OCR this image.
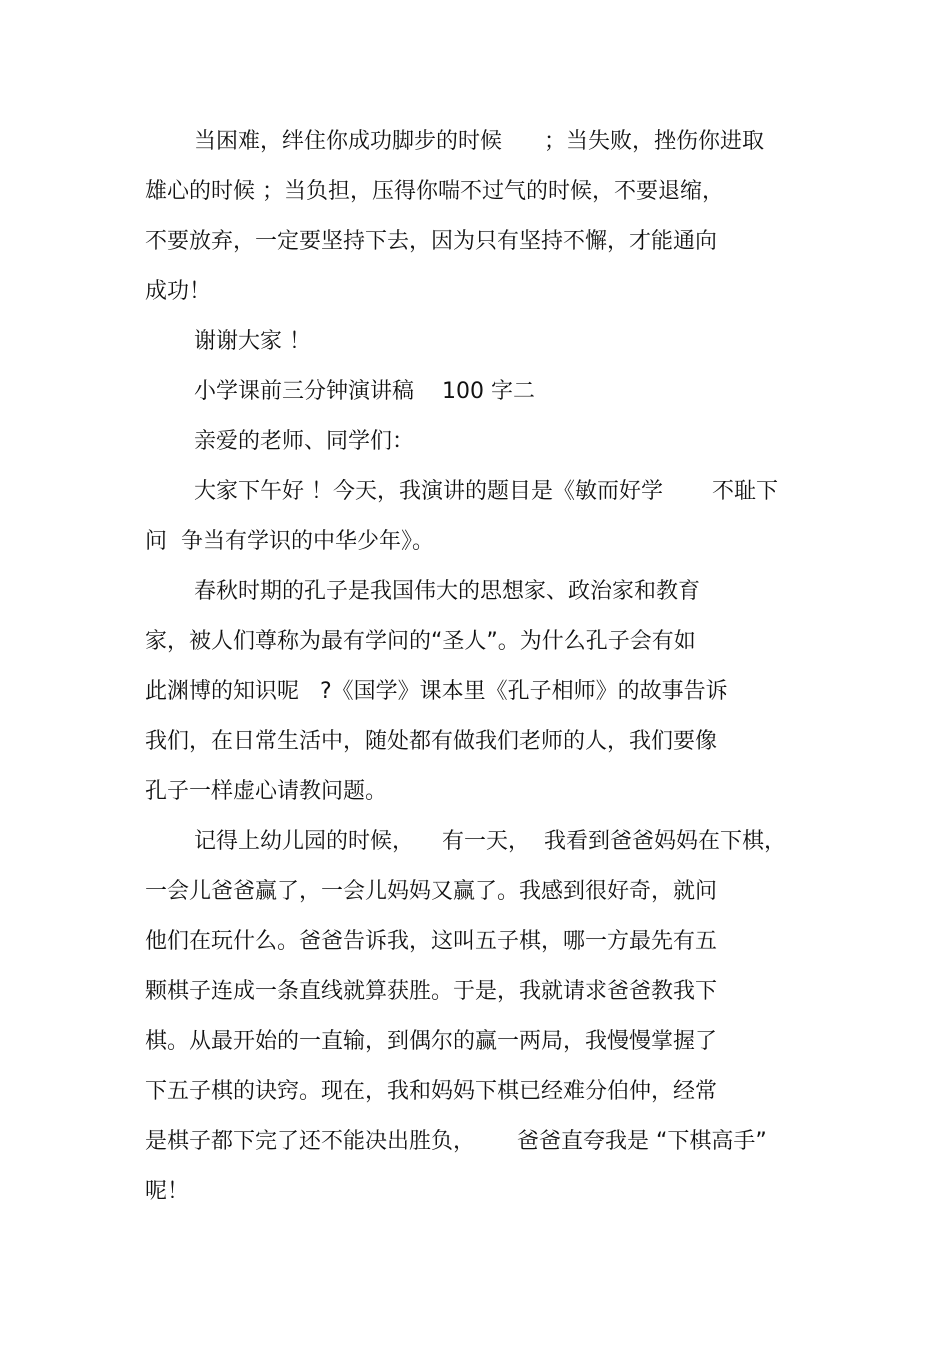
当困难，绊住你成功脚步的时候      ；当失败，挫伤你进取
雄心的时候 ；当负担，压得你喘不过气的时候，不要退缩，
不要放弃，一定要坚持下去，因为只有坚持不懈，才能通向
成功！
谢谢大家 ！
小学课前三分钟演讲稿    100 字二
亲爱的老师、同学们：
大家下午好 ！今天，我演讲的题目是《敏而好学       不耻下
问  争当有学识的中华少年》。
春秋时期的孔子是我国伟大的思想家、政治家和教育
家，被人们尊称为最有学问的“圣人”。为什么孔子会有如
此渊博的知识呢   ?《国学》课本里《孔子相师》的故事告诉
我们，在日常生活中，随处都有做我们老师的人，我们要像
孔子一样虚心请教问题。
记得上幼儿园的时候，    有一天，  我看到爸爸妈妈在下棋，
一会儿爸爸赢了，一会儿妈妈又赢了。我感到很好奇，就问
他们在玩什么。爸爸告诉我，这叫五子棋，哪一方最先有五
颗棋子连成一条直线就算获胜。于是，我就请求爸爸教我下
棋。从最开始的一直输，到偶尔的赢一两局，我慢慢掌握了
下五子棋的诀窍。现在，我和妈妈下棋已经难分伯仲，经常
是棋子都下完了还不能决出胜负，      爸爸直夸我是 “下棋高手”
呢！
